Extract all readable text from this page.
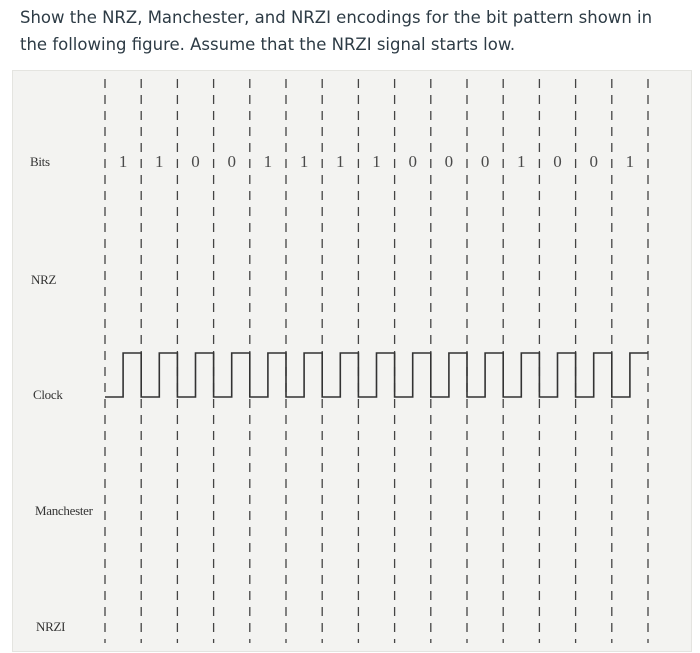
Show the NRZ, Manchester, and NRZI encodings for the bit pattern shown in the following figure. Assume that the NRZI signal starts low.

1 1 0 0 1 1 1 1 0 0 0 1 0 0 1
Bits
NRZ
Clock
Manchester
NRZI
